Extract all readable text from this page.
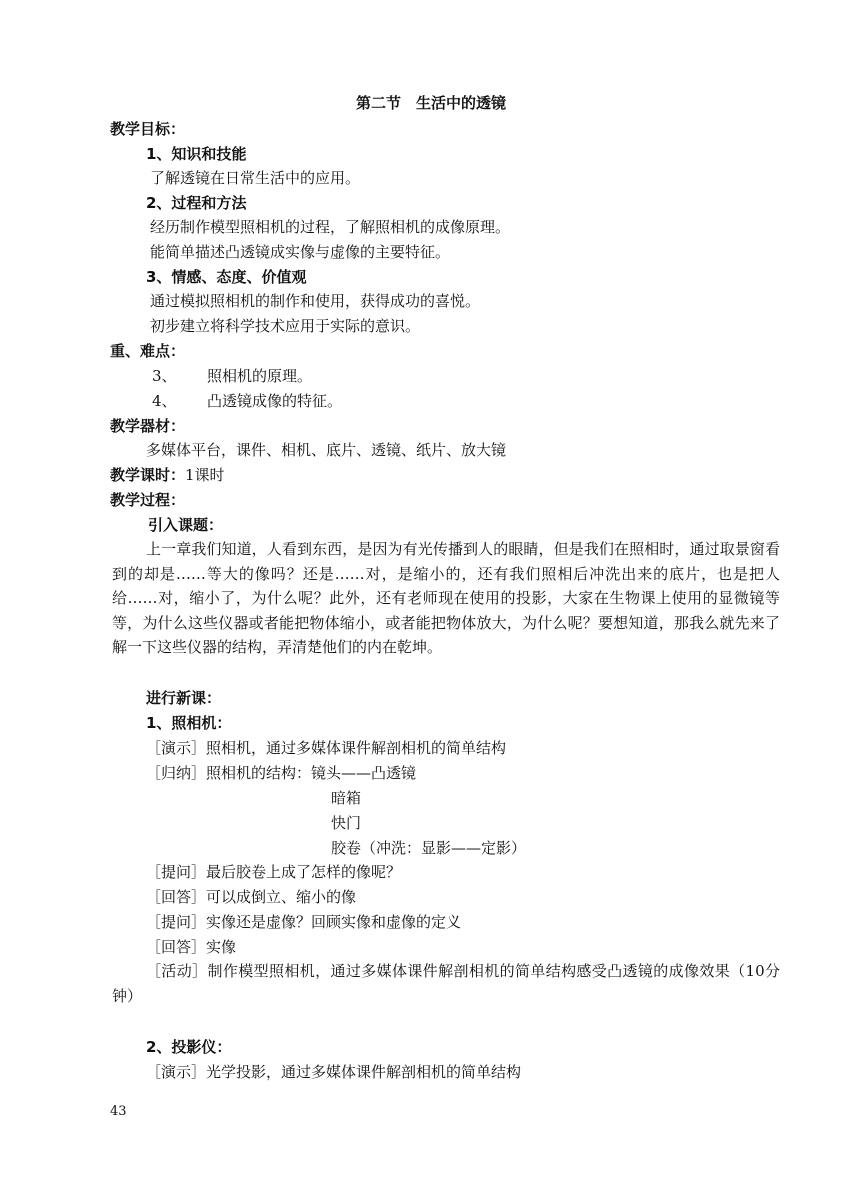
第二节　生活中的透镜
教学目标：
1、知识和技能
了解透镜在日常生活中的应用。
2、过程和方法
经历制作模型照相机的过程，了解照相机的成像原理。
能简单描述凸透镜成实像与虚像的主要特征。
3、情感、态度、价值观
通过模拟照相机的制作和使用，获得成功的喜悦。
初步建立将科学技术应用于实际的意识。
重、难点：
3、 照相机的原理。
4、 凸透镜成像的特征。
教学器材：
多媒体平台，课件、相机、底片、透镜、纸片、放大镜
教学课时：1课时
教学过程：
引入课题：
上一章我们知道，人看到东西，是因为有光传播到人的眼睛，但是我们在照相时，通过取景窗看到的却是……等大的像吗？还是……对，是缩小的，还有我们照相后冲洗出来的底片，也是把人给……对，缩小了，为什么呢？此外，还有老师现在使用的投影，大家在生物课上使用的显微镜等等，为什么这些仪器或者能把物体缩小，或者能把物体放大，为什么呢？要想知道，那我么就先来了解一下这些仪器的结构，弄清楚他们的内在乾坤。
进行新课：
1、照相机：
［演示］照相机，通过多媒体课件解剖相机的简单结构
［归纳］照相机的结构：镜头——凸透镜
暗箱
快门
胶卷（冲洗：显影——定影）
［提问］最后胶卷上成了怎样的像呢？
［回答］可以成倒立、缩小的像
［提问］实像还是虚像？回顾实像和虚像的定义
［回答］实像
［活动］制作模型照相机，通过多媒体课件解剖相机的简单结构感受凸透镜的成像效果（10分钟）
2、投影仪：
［演示］光学投影，通过多媒体课件解剖相机的简单结构
43
